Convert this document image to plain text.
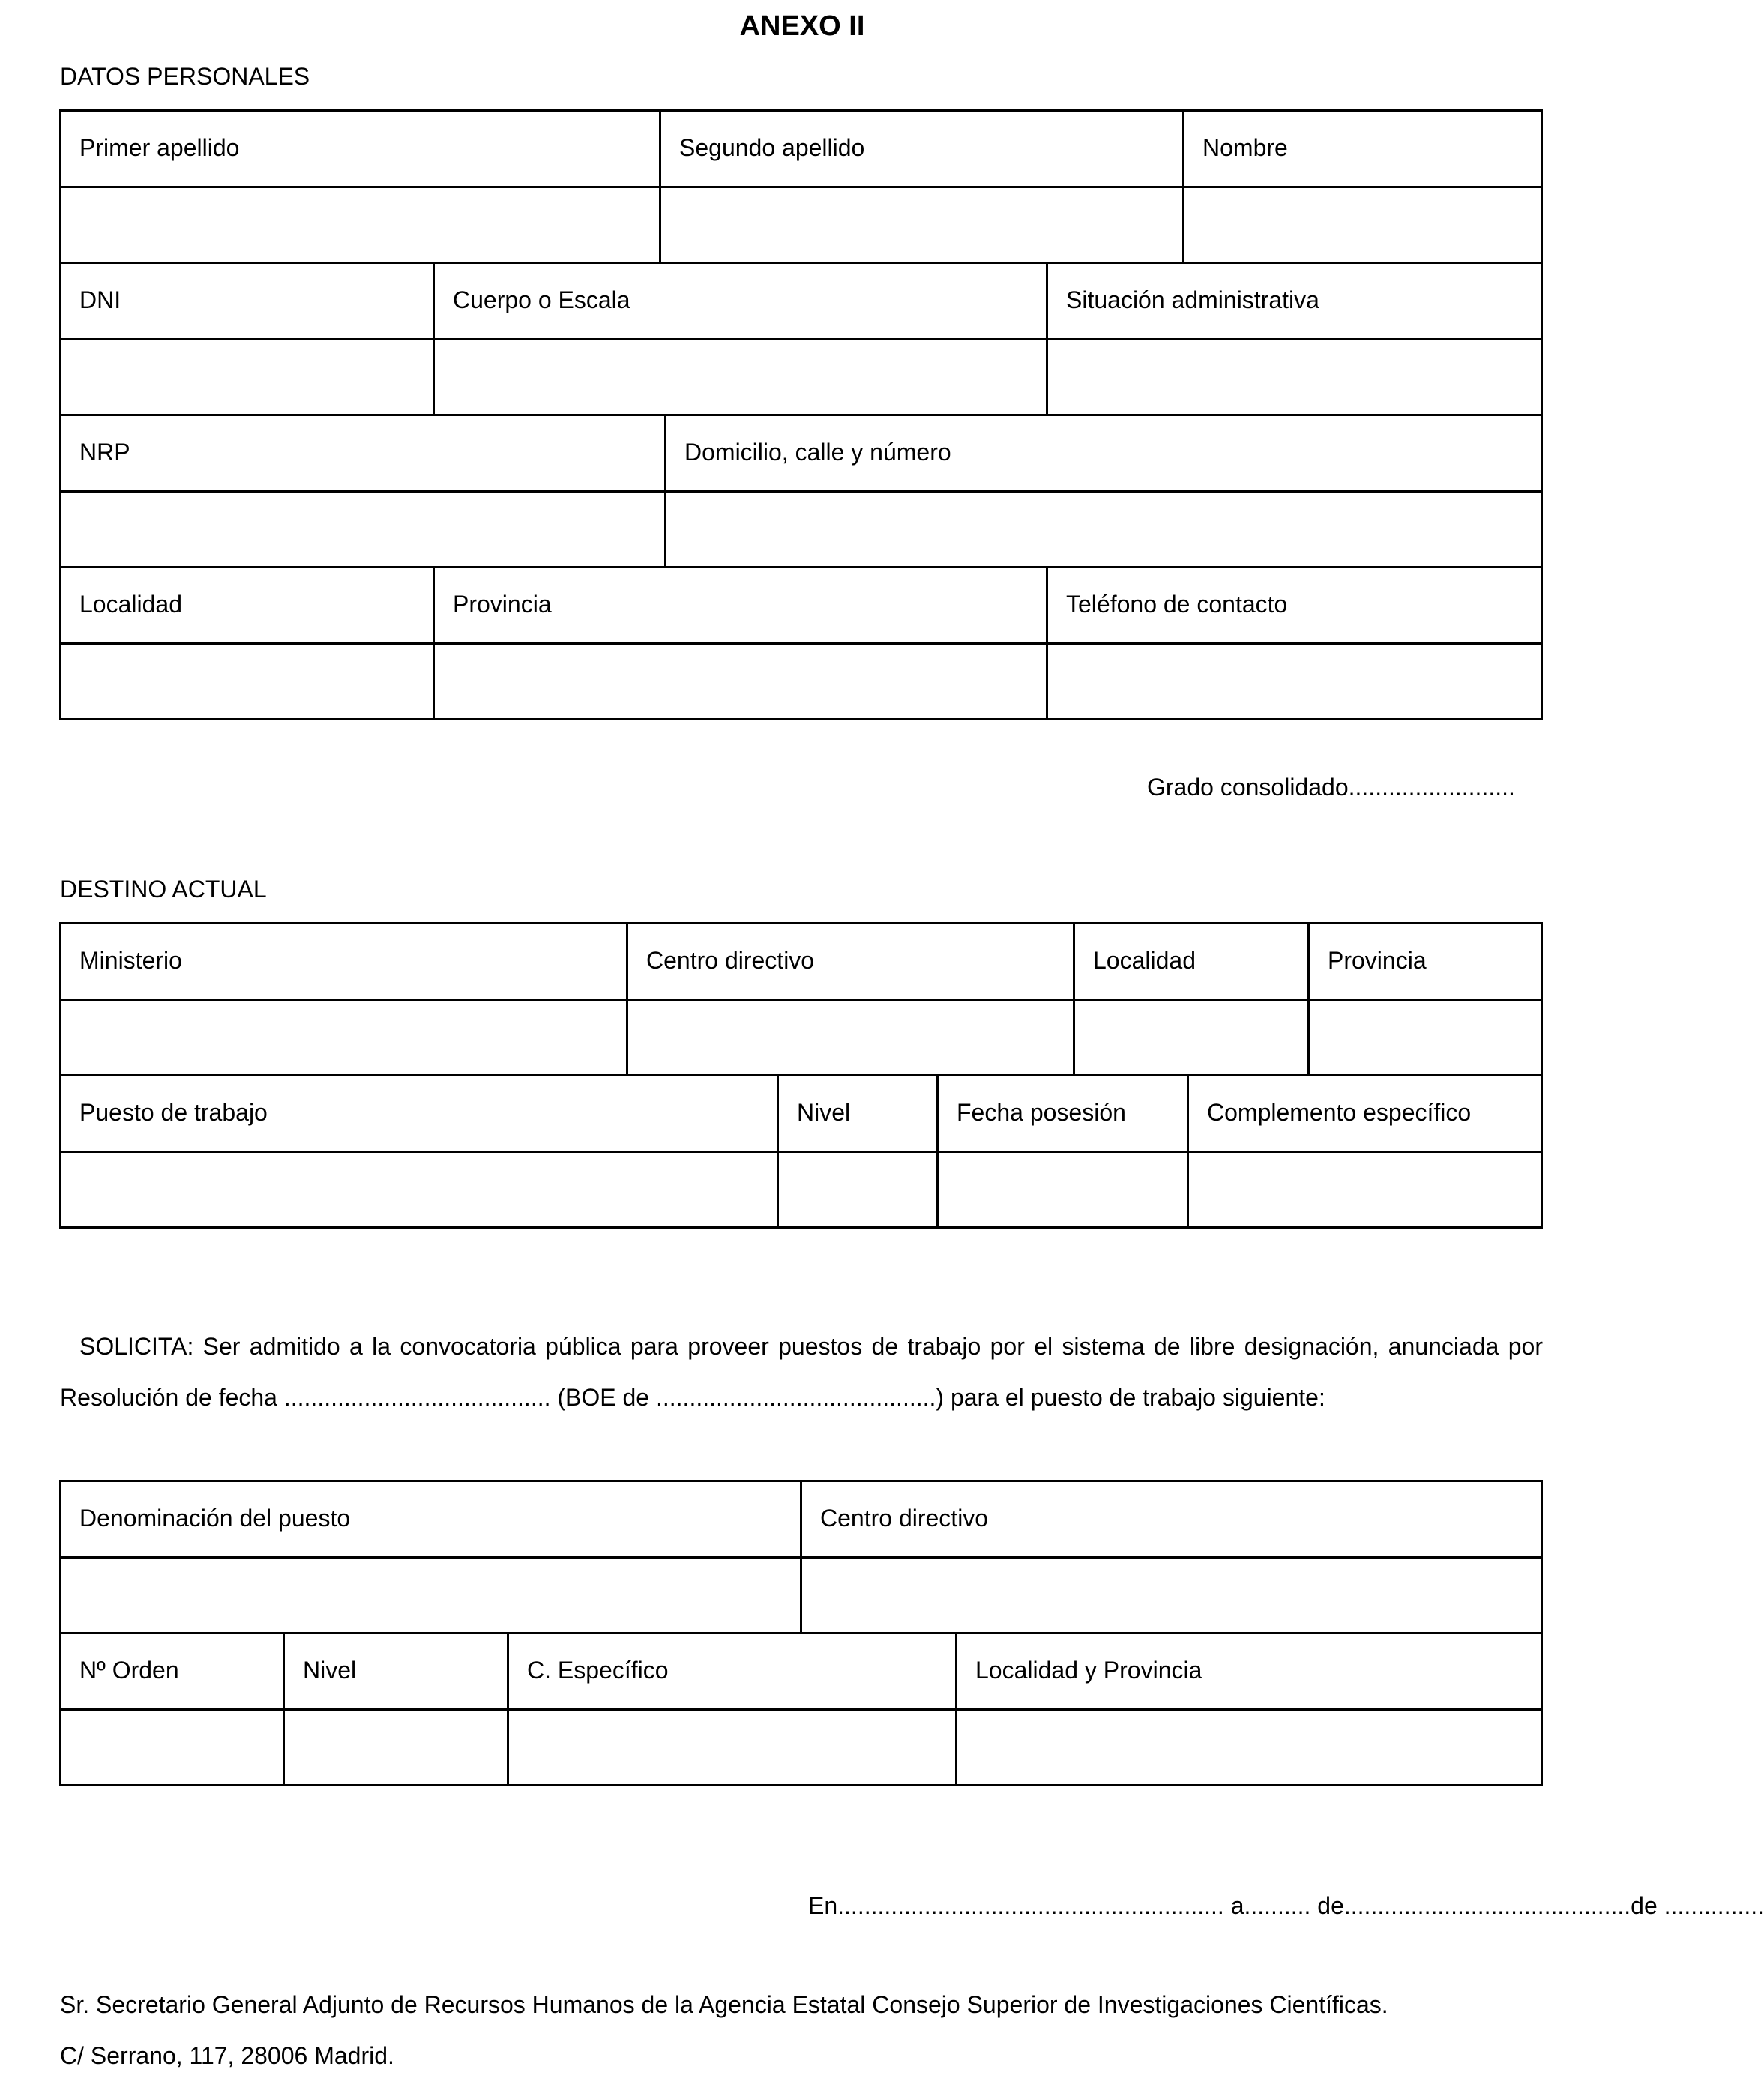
ANEXO II
DATOS PERSONALES
Primer apellido	Segundo apellido	Nombre
DNI	Cuerpo o Escala	Situación administrativa
NRP	Domicilio, calle y número
Localidad	Provincia	Teléfono de contacto
Grado consolidado.........................
DESTINO ACTUAL
Ministerio	Centro directivo	Localidad	Provincia
Puesto de trabajo	Nivel	Fecha posesión	Complemento específico
SOLICITA: Ser admitido a la convocatoria pública para proveer puestos de trabajo por el sistema de libre designación, anunciada por
Resolución de fecha ........................................ (BOE de ..........................................) para el puesto de trabajo siguiente:
Denominación del puesto	Centro directivo
Nº Orden	Nivel	C. Específico	Localidad y Provincia
En.......................................................... a.......... de...........................................de ...............
Sr. Secretario General Adjunto de Recursos Humanos de la Agencia Estatal Consejo Superior de Investigaciones Científicas.
C/ Serrano, 117, 28006 Madrid.
